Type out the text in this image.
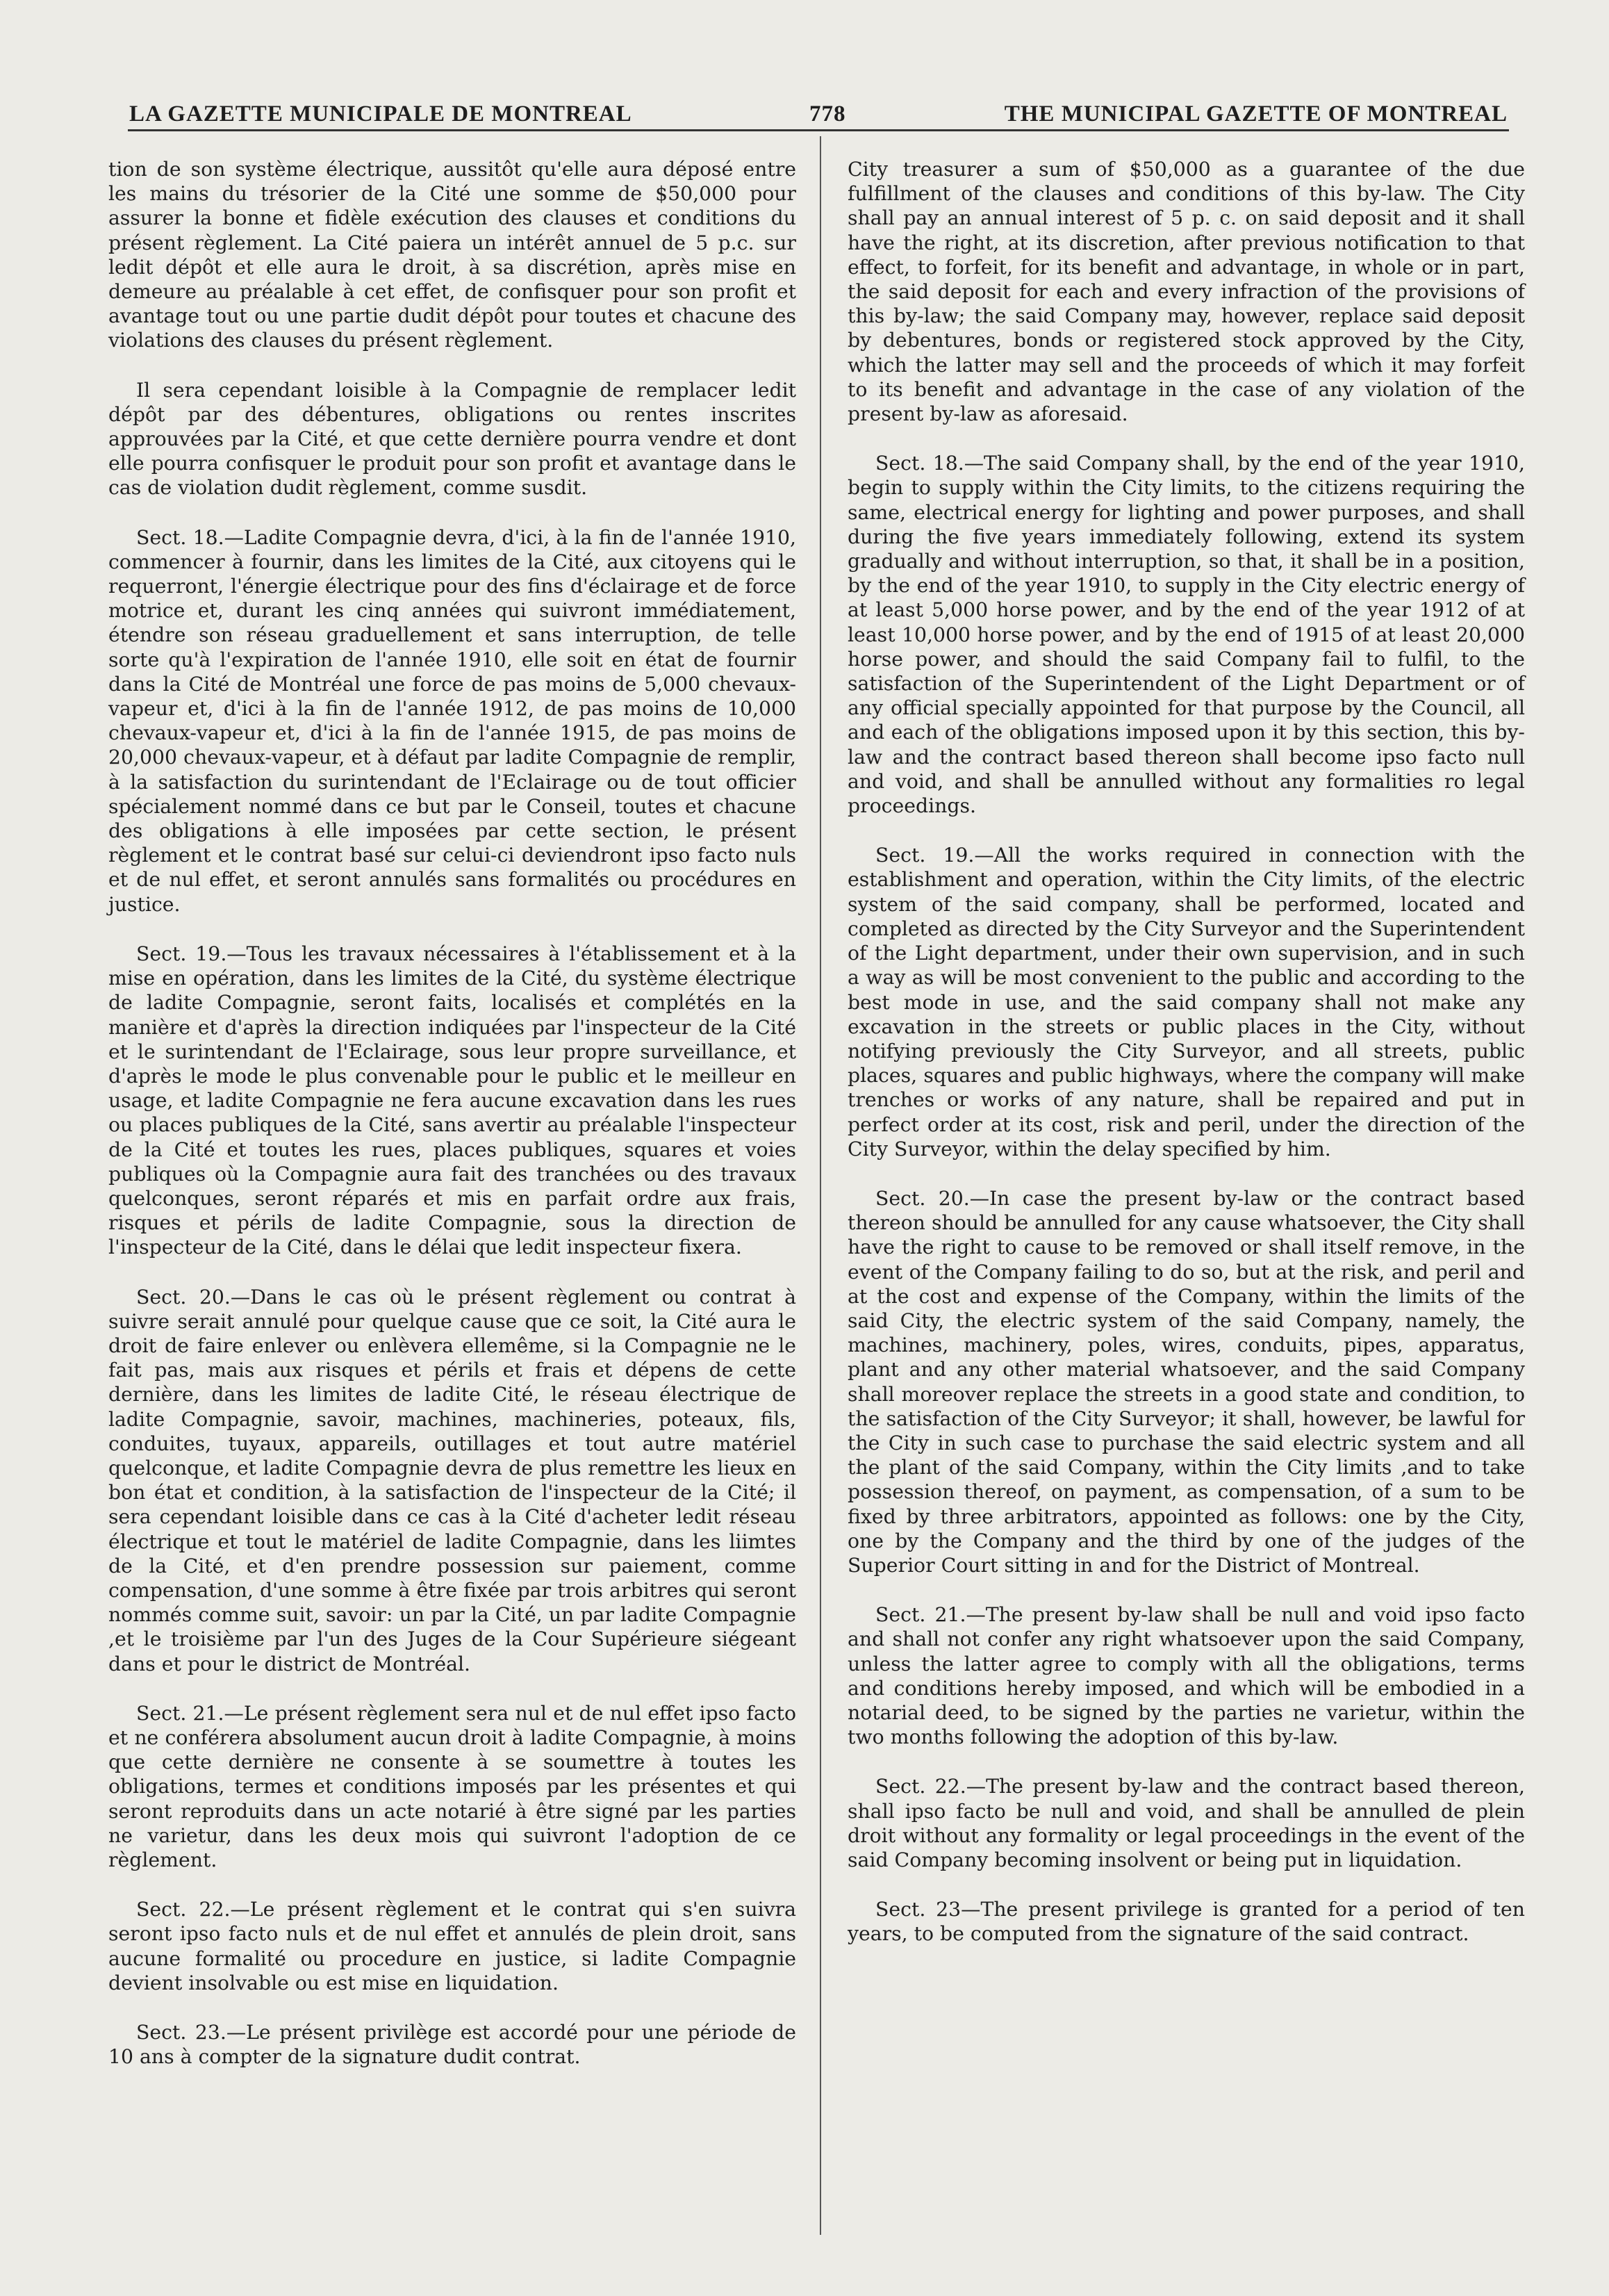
LA GAZETTE MUNICIPALE DE MONTREAL	778	THE MUNICIPAL GAZETTE OF MONTREAL

tion de son système électrique, aussitôt qu'elle aura déposé entre les mains du trésorier de la Cité une somme de $50,000 pour assurer la bonne et fidèle exécution des clauses et conditions du présent règlement. La Cité paiera un intérêt annuel de 5 p.c. sur ledit dépôt et elle aura le droit, à sa discrétion, après mise en demeure au préalable à cet effet, de confisquer pour son profit et avantage tout ou une partie dudit dépôt pour toutes et chacune des violations des clauses du présent règlement.

Il sera cependant loisible à la Compagnie de remplacer ledit dépôt par des débentures, obligations ou rentes inscrites approuvées par la Cité, et que cette dernière pourra vendre et dont elle pourra confisquer le produit pour son profit et avantage dans le cas de violation dudit règlement, comme susdit.

Sect. 18.—Ladite Compagnie devra, d'ici, à la fin de l'année 1910, commencer à fournir, dans les limites de la Cité, aux citoyens qui le requerront, l'énergie électrique pour des fins d'éclairage et de force motrice et, durant les cinq années qui suivront immédiatement, étendre son réseau graduellement et sans interruption, de telle sorte qu'à l'expiration de l'année 1910, elle soit en état de fournir dans la Cité de Montréal une force de pas moins de 5,000 chevaux-vapeur et, d'ici à la fin de l'année 1912, de pas moins de 10,000 chevaux-vapeur et, d'ici à la fin de l'année 1915, de pas moins de 20,000 chevaux-vapeur, et à défaut par ladite Compagnie de remplir, à la satisfaction du surintendant de l'Eclairage ou de tout officier spécialement nommé dans ce but par le Conseil, toutes et chacune des obligations à elle imposées par cette section, le présent règlement et le contrat basé sur celui-ci deviendront ipso facto nuls et de nul effet, et seront annulés sans formalités ou procédures en justice.

Sect. 19.—Tous les travaux nécessaires à l'établissement et à la mise en opération, dans les limites de la Cité, du système électrique de ladite Compagnie, seront faits, localisés et complétés en la manière et d'après la direction indiquées par l'inspecteur de la Cité et le surintendant de l'Eclairage, sous leur propre surveillance, et d'après le mode le plus convenable pour le public et le meilleur en usage, et ladite Compagnie ne fera aucune excavation dans les rues ou places publiques de la Cité, sans avertir au préalable l'inspecteur de la Cité et toutes les rues, places publiques, squares et voies publiques où la Compagnie aura fait des tranchées ou des travaux quelconques, seront réparés et mis en parfait ordre aux frais, risques et périls de ladite Compagnie, sous la direction de l'inspecteur de la Cité, dans le délai que ledit inspecteur fixera.

Sect. 20.—Dans le cas où le présent règlement ou contrat à suivre serait annulé pour quelque cause que ce soit, la Cité aura le droit de faire enlever ou enlèvera ellemême, si la Compagnie ne le fait pas, mais aux risques et périls et frais et dépens de cette dernière, dans les limites de ladite Cité, le réseau électrique de ladite Compagnie, savoir, machines, machineries, poteaux, fils, conduites, tuyaux, appareils, outillages et tout autre matériel quelconque, et ladite Compagnie devra de plus remettre les lieux en bon état et condition, à la satisfaction de l'inspecteur de la Cité; il sera cependant loisible dans ce cas à la Cité d'acheter ledit réseau électrique et tout le matériel de ladite Compagnie, dans les liimtes de la Cité, et d'en prendre possession sur paiement, comme compensation, d'une somme à être fixée par trois arbitres qui seront nommés comme suit, savoir: un par la Cité, un par ladite Compagnie ,et le troisième par l'un des Juges de la Cour Supérieure siégeant dans et pour le district de Montréal.

Sect. 21.—Le présent règlement sera nul et de nul effet ipso facto et ne conférera absolument aucun droit à ladite Compagnie, à moins que cette dernière ne consente à se soumettre à toutes les obligations, termes et conditions imposés par les présentes et qui seront reproduits dans un acte notarié à être signé par les parties ne varietur, dans les deux mois qui suivront l'adoption de ce règlement.

Sect. 22.—Le présent règlement et le contrat qui s'en suivra seront ipso facto nuls et de nul effet et annulés de plein droit, sans aucune formalité ou procedure en justice, si ladite Compagnie devient insolvable ou est mise en liquidation.

Sect. 23.—Le présent privilège est accordé pour une période de 10 ans à compter de la signature dudit contrat.

City treasurer a sum of $50,000 as a guarantee of the due fulfillment of the clauses and conditions of this by-law. The City shall pay an annual interest of 5 p. c. on said deposit and it shall have the right, at its discretion, after previous notification to that effect, to forfeit, for its benefit and advantage, in whole or in part, the said deposit for each and every infraction of the provisions of this by-law; the said Company may, however, replace said deposit by debentures, bonds or registered stock approved by the City, which the latter may sell and the proceeds of which it may forfeit to its benefit and advantage in the case of any violation of the present by-law as aforesaid.

Sect. 18.—The said Company shall, by the end of the year 1910, begin to supply within the City limits, to the citizens requiring the same, electrical energy for lighting and power purposes, and shall during the five years immediately following, extend its system gradually and without interruption, so that, it shall be in a position, by the end of the year 1910, to supply in the City electric energy of at least 5,000 horse power, and by the end of the year 1912 of at least 10,000 horse power, and by the end of 1915 of at least 20,000 horse power, and should the said Company fail to fulfil, to the satisfaction of the Superintendent of the Light Department or of any official specially appointed for that purpose by the Council, all and each of the obligations imposed upon it by this section, this by-law and the contract based thereon shall become ipso facto null and void, and shall be annulled without any formalities ro legal proceedings.

Sect. 19.—All the works required in connection with the establishment and operation, within the City limits, of the electric system of the said company, shall be performed, located and completed as directed by the City Surveyor and the Superintendent of the Light department, under their own supervision, and in such a way as will be most convenient to the public and according to the best mode in use, and the said company shall not make any excavation in the streets or public places in the City, without notifying previously the City Surveyor, and all streets, public places, squares and public highways, where the company will make trenches or works of any nature, shall be repaired and put in perfect order at its cost, risk and peril, under the direction of the City Surveyor, within the delay specified by him.

Sect. 20.—In case the present by-law or the contract based thereon should be annulled for any cause whatsoever, the City shall have the right to cause to be removed or shall itself remove, in the event of the Company failing to do so, but at the risk, and peril and at the cost and expense of the Company, within the limits of the said City, the electric system of the said Company, namely, the machines, machinery, poles, wires, conduits, pipes, apparatus, plant and any other material whatsoever, and the said Company shall moreover replace the streets in a good state and condition, to the satisfaction of the City Surveyor; it shall, however, be lawful for the City in such case to purchase the said electric system and all the plant of the said Company, within the City limits ,and to take possession thereof, on payment, as compensation, of a sum to be fixed by three arbitrators, appointed as follows: one by the City, one by the Company and the third by one of the judges of the Superior Court sitting in and for the District of Montreal.

Sect. 21.—The present by-law shall be null and void ipso facto and shall not confer any right whatsoever upon the said Company, unless the latter agree to comply with all the obligations, terms and conditions hereby imposed, and which will be embodied in a notarial deed, to be signed by the parties ne varietur, within the two months following the adoption of this by-law.

Sect. 22.—The present by-law and the contract based thereon, shall ipso facto be null and void, and shall be annulled de plein droit without any formality or legal proceedings in the event of the said Company becoming insolvent or being put in liquidation.

Sect. 23—The present privilege is granted for a period of ten years, to be computed from the signature of the said contract.
